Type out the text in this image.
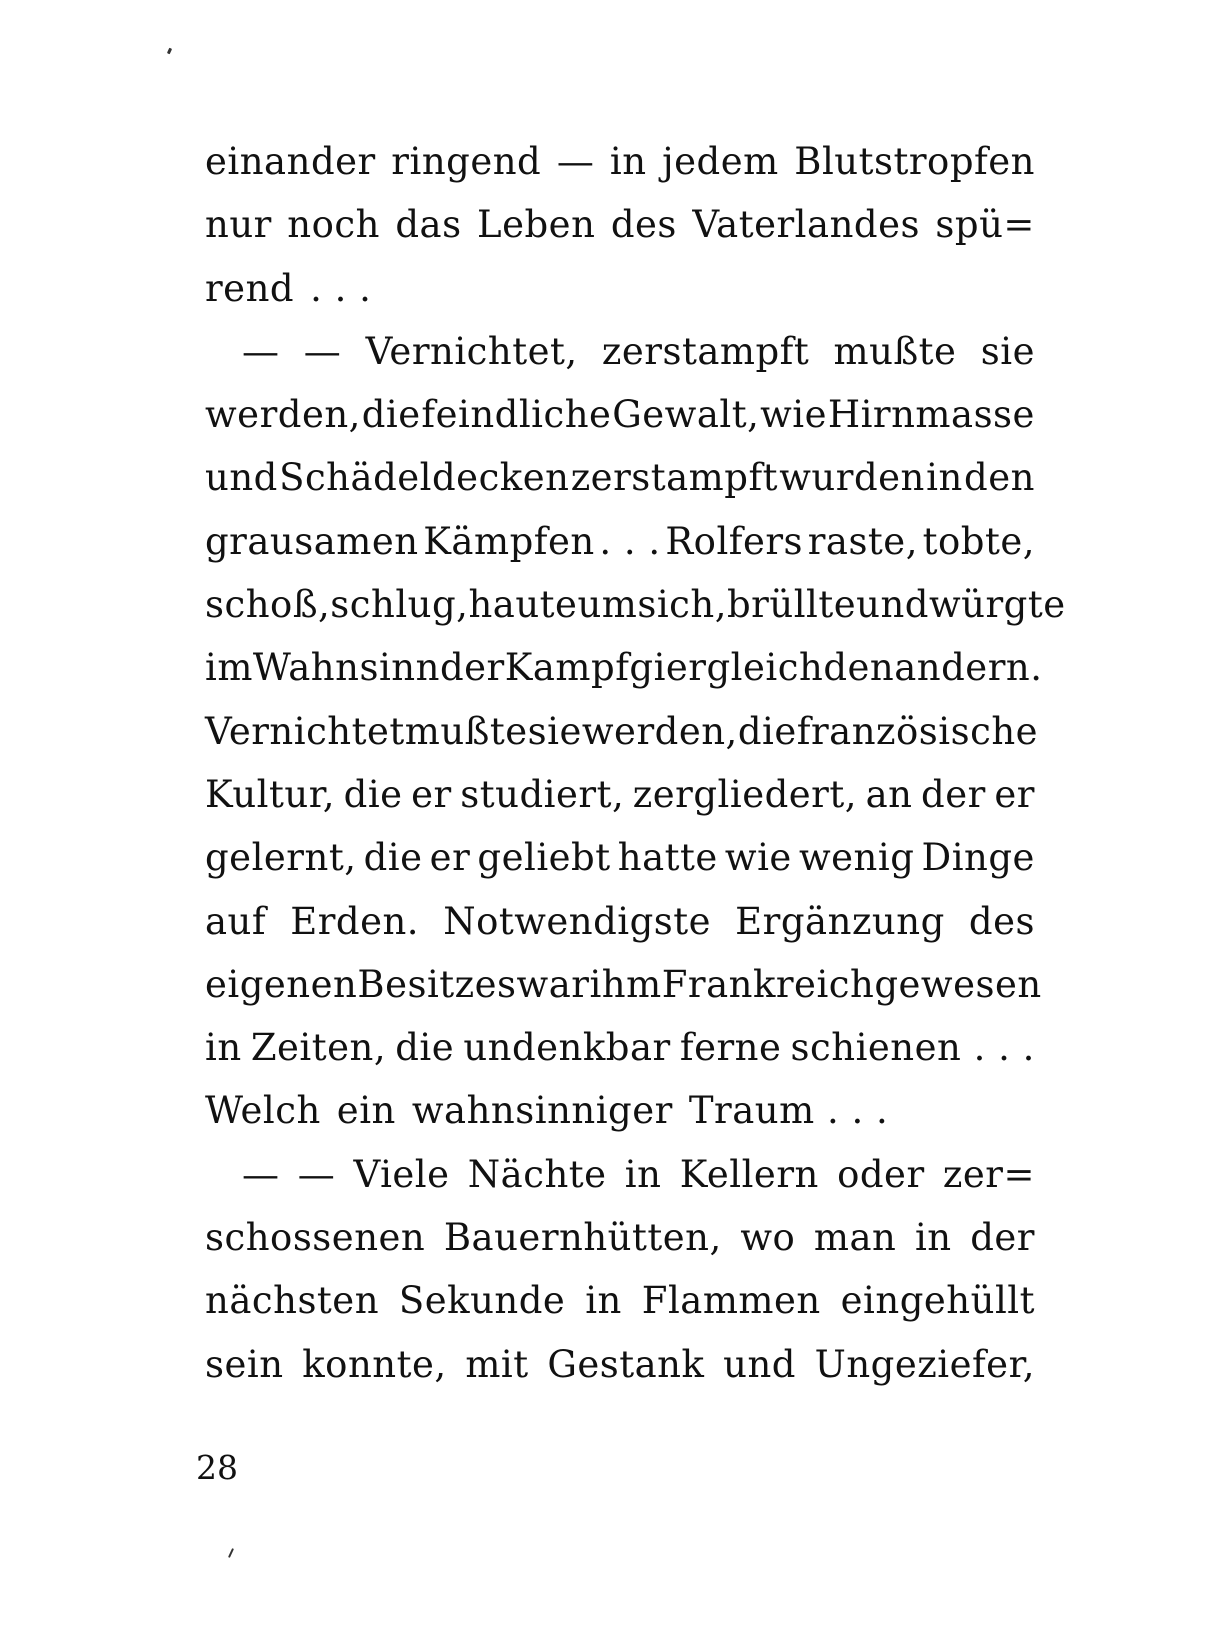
einander ringend — in jedem Blutstropfen
nur noch das Leben des Vaterlandes spü=
rend . . .
— — Vernichtet, zerstampft mußte sie
werden, die feindliche Gewalt, wie Hirnmasse
und Schädeldecken zerstampft wurden in den
grausamen Kämpfen . . . Rolfers raste, tobte,
schoß, schlug, haute um sich, brüllte und würgte
im Wahnsinn der Kampfgier gleich den andern.
Vernichtet mußte sie werden, die französische
Kultur, die er studiert, zergliedert, an der er
gelernt, die er geliebt hatte wie wenig Dinge
auf Erden. Notwendigste Ergänzung des
eigenen Besitzes war ihm Frankreich gewesen
in Zeiten, die undenkbar ferne schienen . . .
Welch ein wahnsinniger Traum . . .
— — Viele Nächte in Kellern oder zer=
schossenen Bauernhütten, wo man in der
nächsten Sekunde in Flammen eingehüllt
sein konnte, mit Gestank und Ungeziefer,
28
